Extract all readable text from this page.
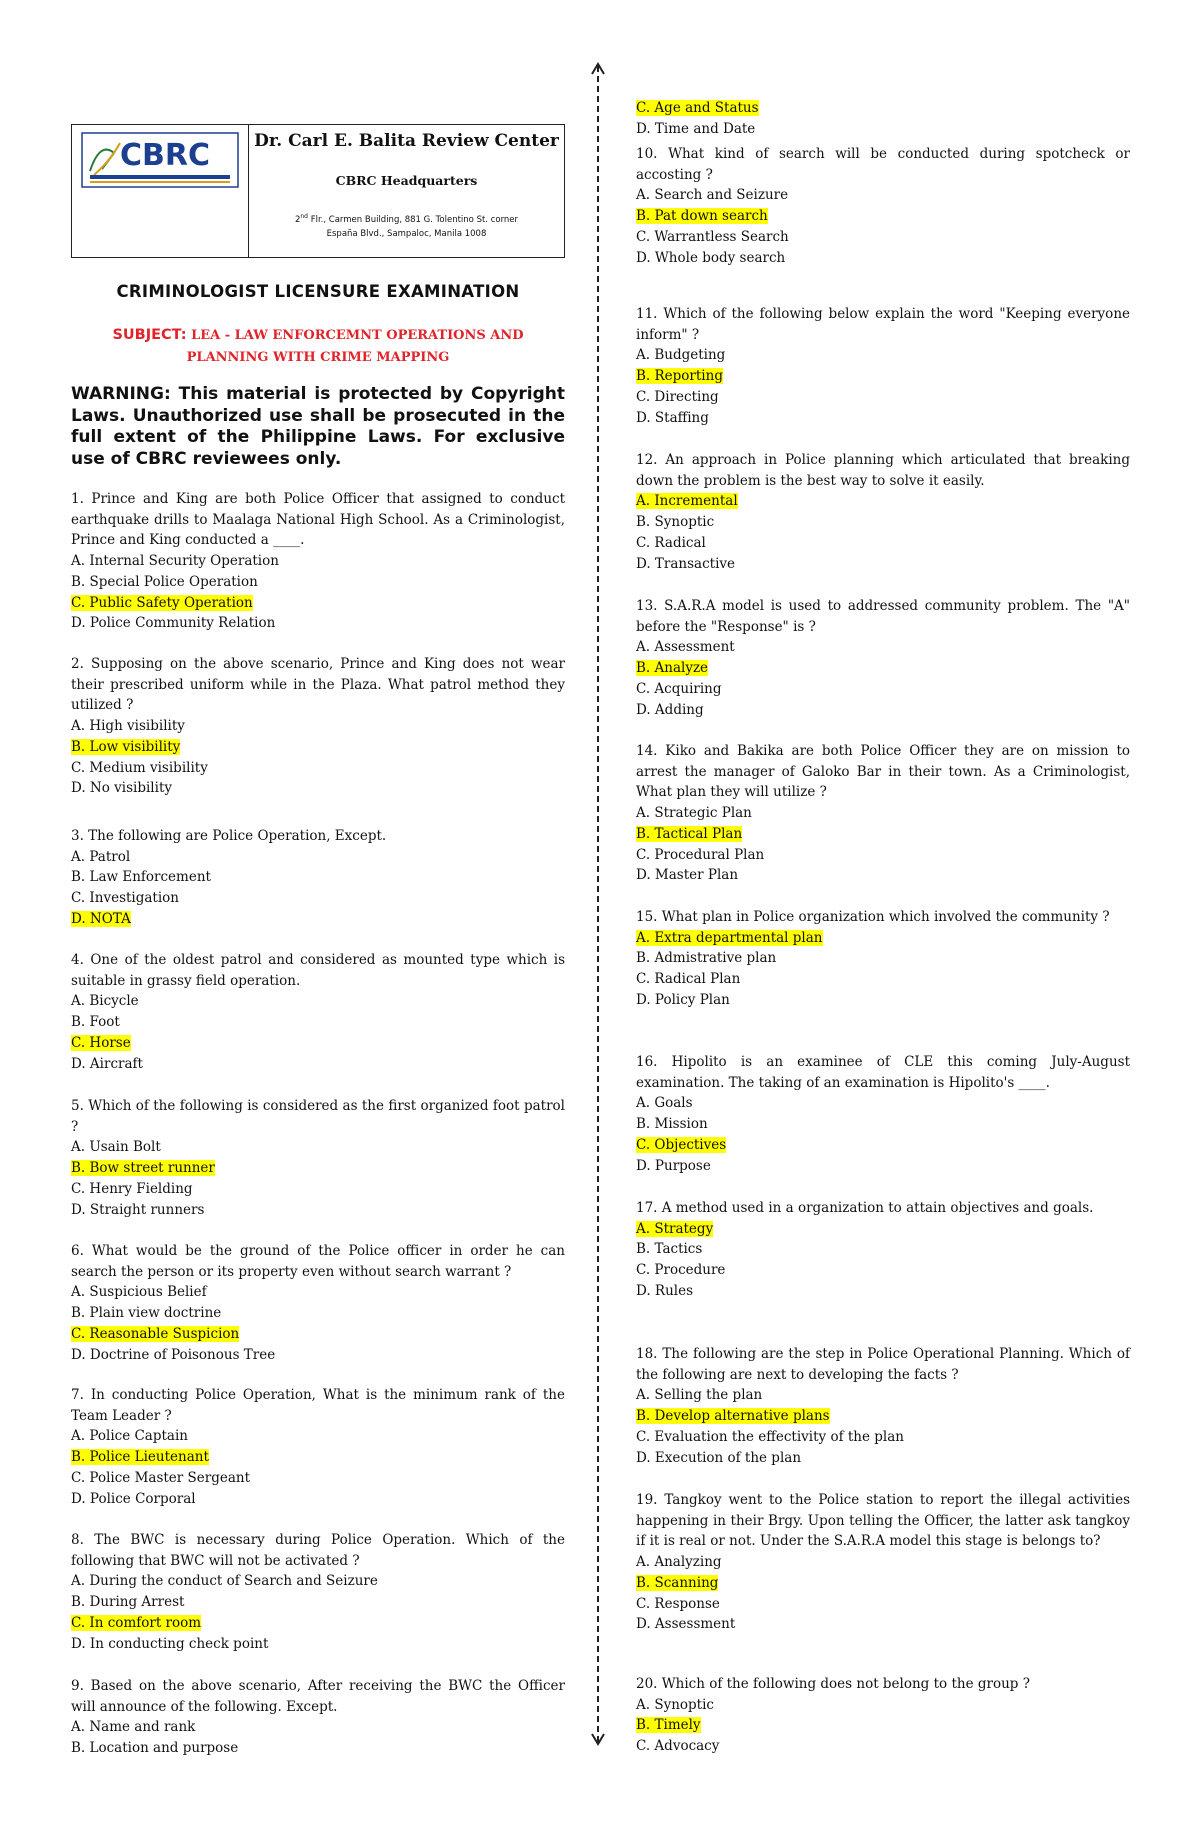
CBRC	Dr. Carl E. Balita Review Center
CBRC Headquarters
2nd Flr., Carmen Building, 881 G. Tolentino St. corner
España Blvd., Sampaloc, Manila 1008
CRIMINOLOGIST LICENSURE EXAMINATION
SUBJECT: LEA - LAW ENFORCEMNT OPERATIONS AND
PLANNING WITH CRIME MAPPING
WARNING: This material is protected by Copyright Laws. Unauthorized use shall be prosecuted in the full extent of the Philippine Laws. For exclusive use of CBRC reviewees only.
1. Prince and King are both Police Officer that assigned to conduct earthquake drills to Maalaga National High School. As a Criminologist, Prince and King conducted a ____.
A. Internal Security Operation
B. Special Police Operation
C. Public Safety Operation
D. Police Community Relation
2. Supposing on the above scenario, Prince and King does not wear their prescribed uniform while in the Plaza. What patrol method they utilized ?
A. High visibility
B. Low visibility
C. Medium visibility
D. No visibility
3. The following are Police Operation, Except.
A. Patrol
B. Law Enforcement
C. Investigation
D. NOTA
4. One of the oldest patrol and considered as mounted type which is suitable in grassy field operation.
A. Bicycle
B. Foot
C. Horse
D. Aircraft
5. Which of the following is considered as the first organized foot patrol ?
A. Usain Bolt
B. Bow street runner
C. Henry Fielding
D. Straight runners
6. What would be the ground of the Police officer in order he can search the person or its property even without search warrant ?
A. Suspicious Belief
B. Plain view doctrine
C. Reasonable Suspicion
D. Doctrine of Poisonous Tree
7. In conducting Police Operation, What is the minimum rank of the Team Leader ?
A. Police Captain
B. Police Lieutenant
C. Police Master Sergeant
D. Police Corporal
8. The BWC is necessary during Police Operation. Which of the following that BWC will not be activated ?
A. During the conduct of Search and Seizure
B. During Arrest
C. In comfort room
D. In conducting check point
9. Based on the above scenario, After receiving the BWC the Officer will announce of the following. Except.
A. Name and rank
B. Location and purpose
C. Age and Status
D. Time and Date
10. What kind of search will be conducted during spotcheck or accosting ?
A. Search and Seizure
B. Pat down search
C. Warrantless Search
D. Whole body search
11. Which of the following below explain the word "Keeping everyone inform" ?
A. Budgeting
B. Reporting
C. Directing
D. Staffing
12. An approach in Police planning which articulated that breaking down the problem is the best way to solve it easily.
A. Incremental
B. Synoptic
C. Radical
D. Transactive
13. S.A.R.A model is used to addressed community problem. The "A" before the "Response" is ?
A. Assessment
B. Analyze
C. Acquiring
D. Adding
14. Kiko and Bakika are both Police Officer they are on mission to arrest the manager of Galoko Bar in their town. As a Criminologist, What plan they will utilize ?
A. Strategic Plan
B. Tactical Plan
C. Procedural Plan
D. Master Plan
15. What plan in Police organization which involved the community ?
A. Extra departmental plan
B. Admistrative plan
C. Radical Plan
D. Policy Plan
16. Hipolito is an examinee of CLE this coming July-August examination. The taking of an examination is Hipolito's ____.
A. Goals
B. Mission
C. Objectives
D. Purpose
17. A method used in a organization to attain objectives and goals.
A. Strategy
B. Tactics
C. Procedure
D. Rules
18. The following are the step in Police Operational Planning. Which of the following are next to developing the facts ?
A. Selling the plan
B. Develop alternative plans
C. Evaluation the effectivity of the plan
D. Execution of the plan
19. Tangkoy went to the Police station to report the illegal activities happening in their Brgy. Upon telling the Officer, the latter ask tangkoy if it is real or not. Under the S.A.R.A model this stage is belongs to?
A. Analyzing
B. Scanning
C. Response
D. Assessment
20. Which of the following does not belong to the group ?
A. Synoptic
B. Timely
C. Advocacy
